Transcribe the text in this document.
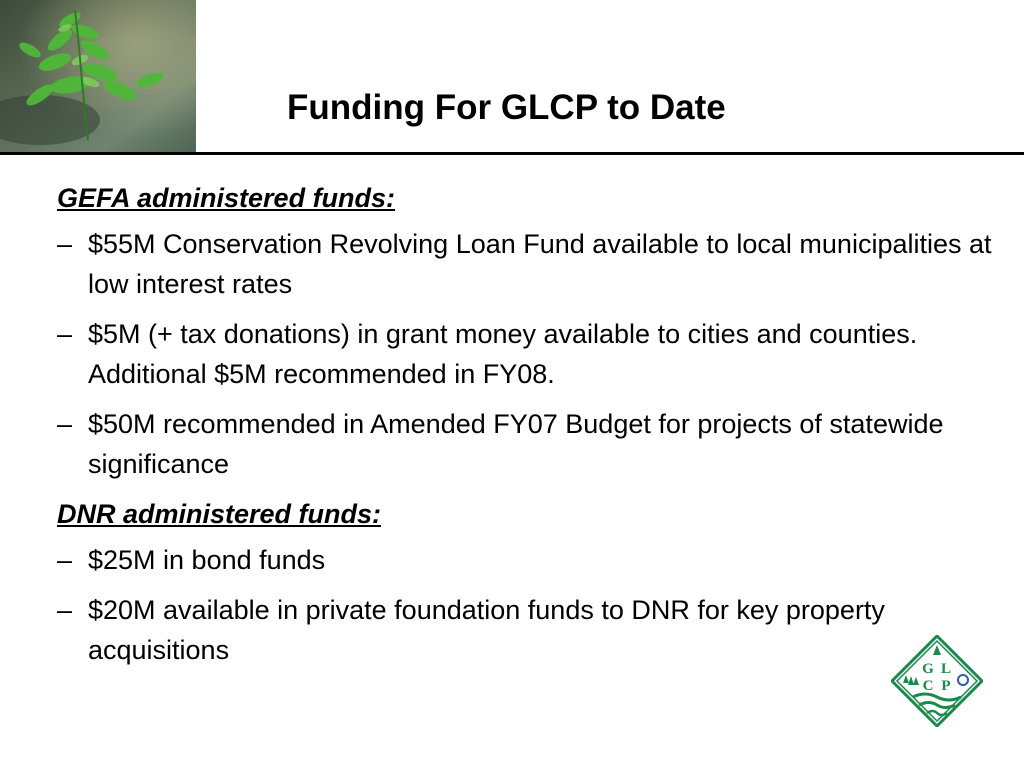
Funding For GLCP to Date
GEFA administered funds:
– $55M Conservation Revolving Loan Fund available to local municipalities at low interest rates
– $5M (+ tax donations) in grant money available to cities and counties. Additional $5M recommended in FY08.
– $50M recommended in Amended FY07 Budget for projects of statewide significance
DNR administered funds:
– $25M in bond funds
– $20M available in private foundation funds to DNR for key property acquisitions
G L
C P
